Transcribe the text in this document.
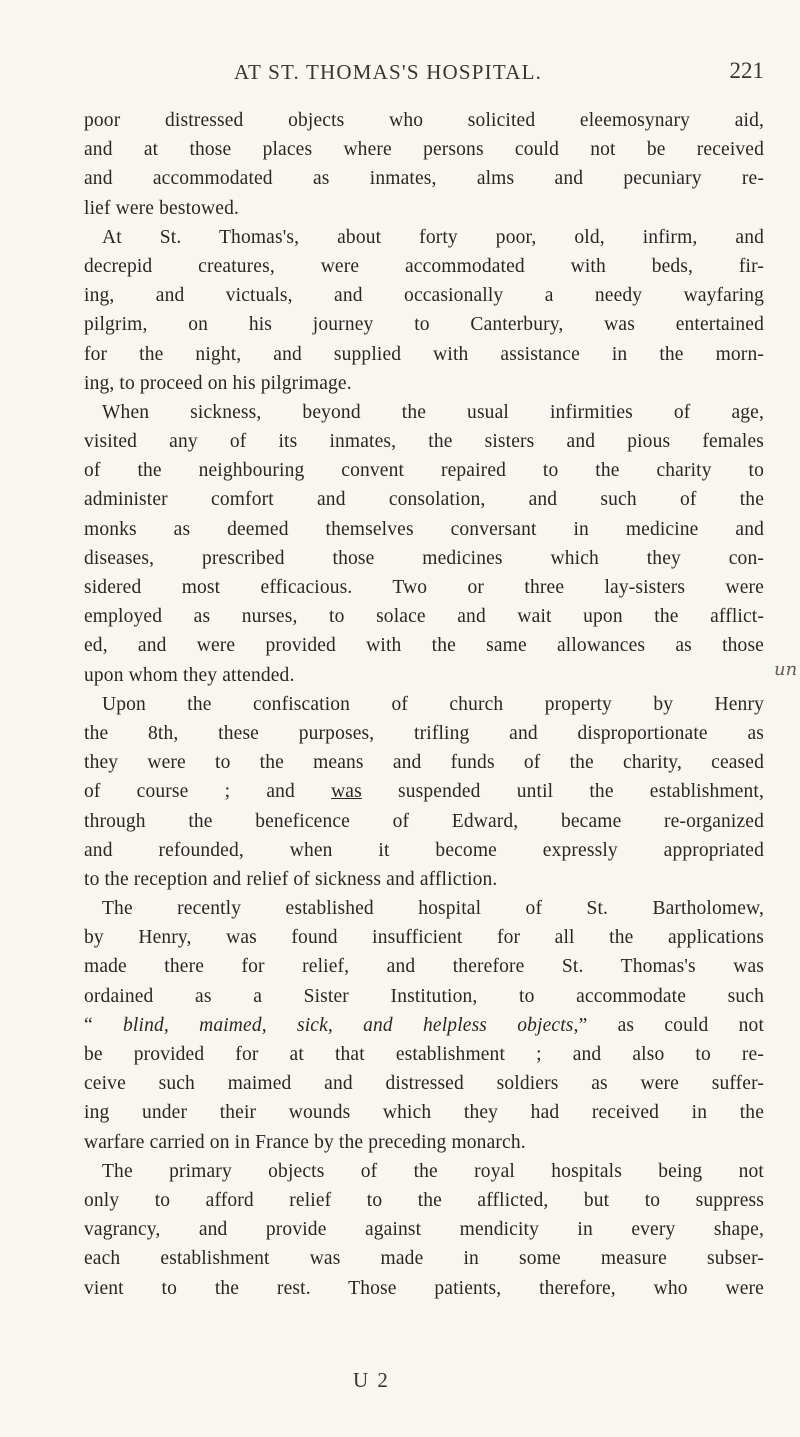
AT ST. THOMAS'S HOSPITAL.	221
poor distressed objects who solicited eleemosynary aid,
and at those places where persons could not be received
and accommodated as inmates, alms and pecuniary re-
lief were bestowed.
At St. Thomas's, about forty poor, old, infirm, and
decrepid creatures, were accommodated with beds, fir-
ing, and victuals, and occasionally a needy wayfaring
pilgrim, on his journey to Canterbury, was entertained
for the night, and supplied with assistance in the morn-
ing, to proceed on his pilgrimage.
When sickness, beyond the usual infirmities of age,
visited any of its inmates, the sisters and pious females
of the neighbouring convent repaired to the charity to
administer comfort and consolation, and such of the
monks as deemed themselves conversant in medicine and
diseases, prescribed those medicines which they con-
sidered most efficacious. Two or three lay-sisters were
employed as nurses, to solace and wait upon the afflict-
ed, and were provided with the same allowances as those
upon whom they attended.
Upon the confiscation of church property by Henry
the 8th, these purposes, trifling and disproportionate as
they were to the means and funds of the charity, ceased
of course ; and was suspended until the establishment,
through the beneficence of Edward, became re-organized
and refounded, when it become expressly appropriated
to the reception and relief of sickness and affliction.
The recently established hospital of St. Bartholomew,
by Henry, was found insufficient for all the applications
made there for relief, and therefore St. Thomas's was
ordained as a Sister Institution, to accommodate such
“ blind, maimed, sick, and helpless objects,” as could not
be provided for at that establishment ; and also to re-
ceive such maimed and distressed soldiers as were suffer-
ing under their wounds which they had received in the
warfare carried on in France by the preceding monarch.
The primary objects of the royal hospitals being not
only to afford relief to the afflicted, but to suppress
vagrancy, and provide against mendicity in every shape,
each establishment was made in some measure subser-
vient to the rest. Those patients, therefore, who were
un
U 2
